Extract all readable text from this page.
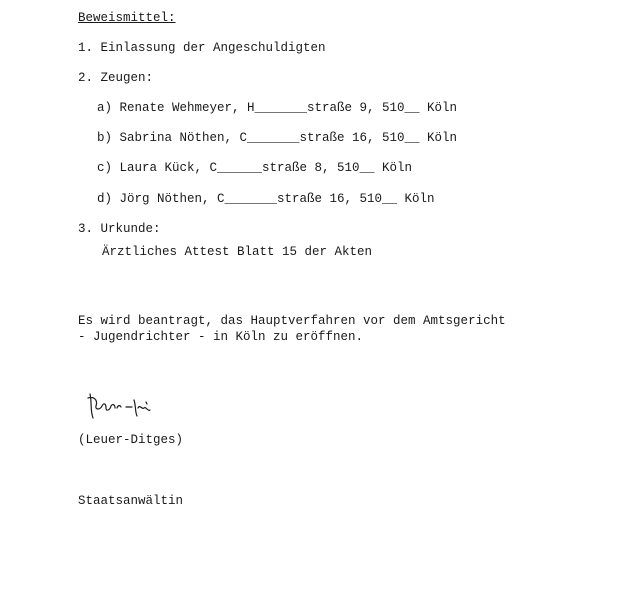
Beweismittel:
1. Einlassung der Angeschuldigten
2. Zeugen:
a) Renate Wehmeyer, H_______straße 9, 510__ Köln
b) Sabrina Nöthen, C_______straße 16, 510__ Köln
c) Laura Kück, C______straße 8, 510__ Köln
d) Jörg Nöthen, C_______straße 16, 510__ Köln
3. Urkunde:
Ärztliches Attest Blatt 15 der Akten
Es wird beantragt, das Hauptverfahren vor dem Amtsgericht
- Jugendrichter - in Köln zu eröffnen.
(Leuer-Ditges)
Staatsanwältin
